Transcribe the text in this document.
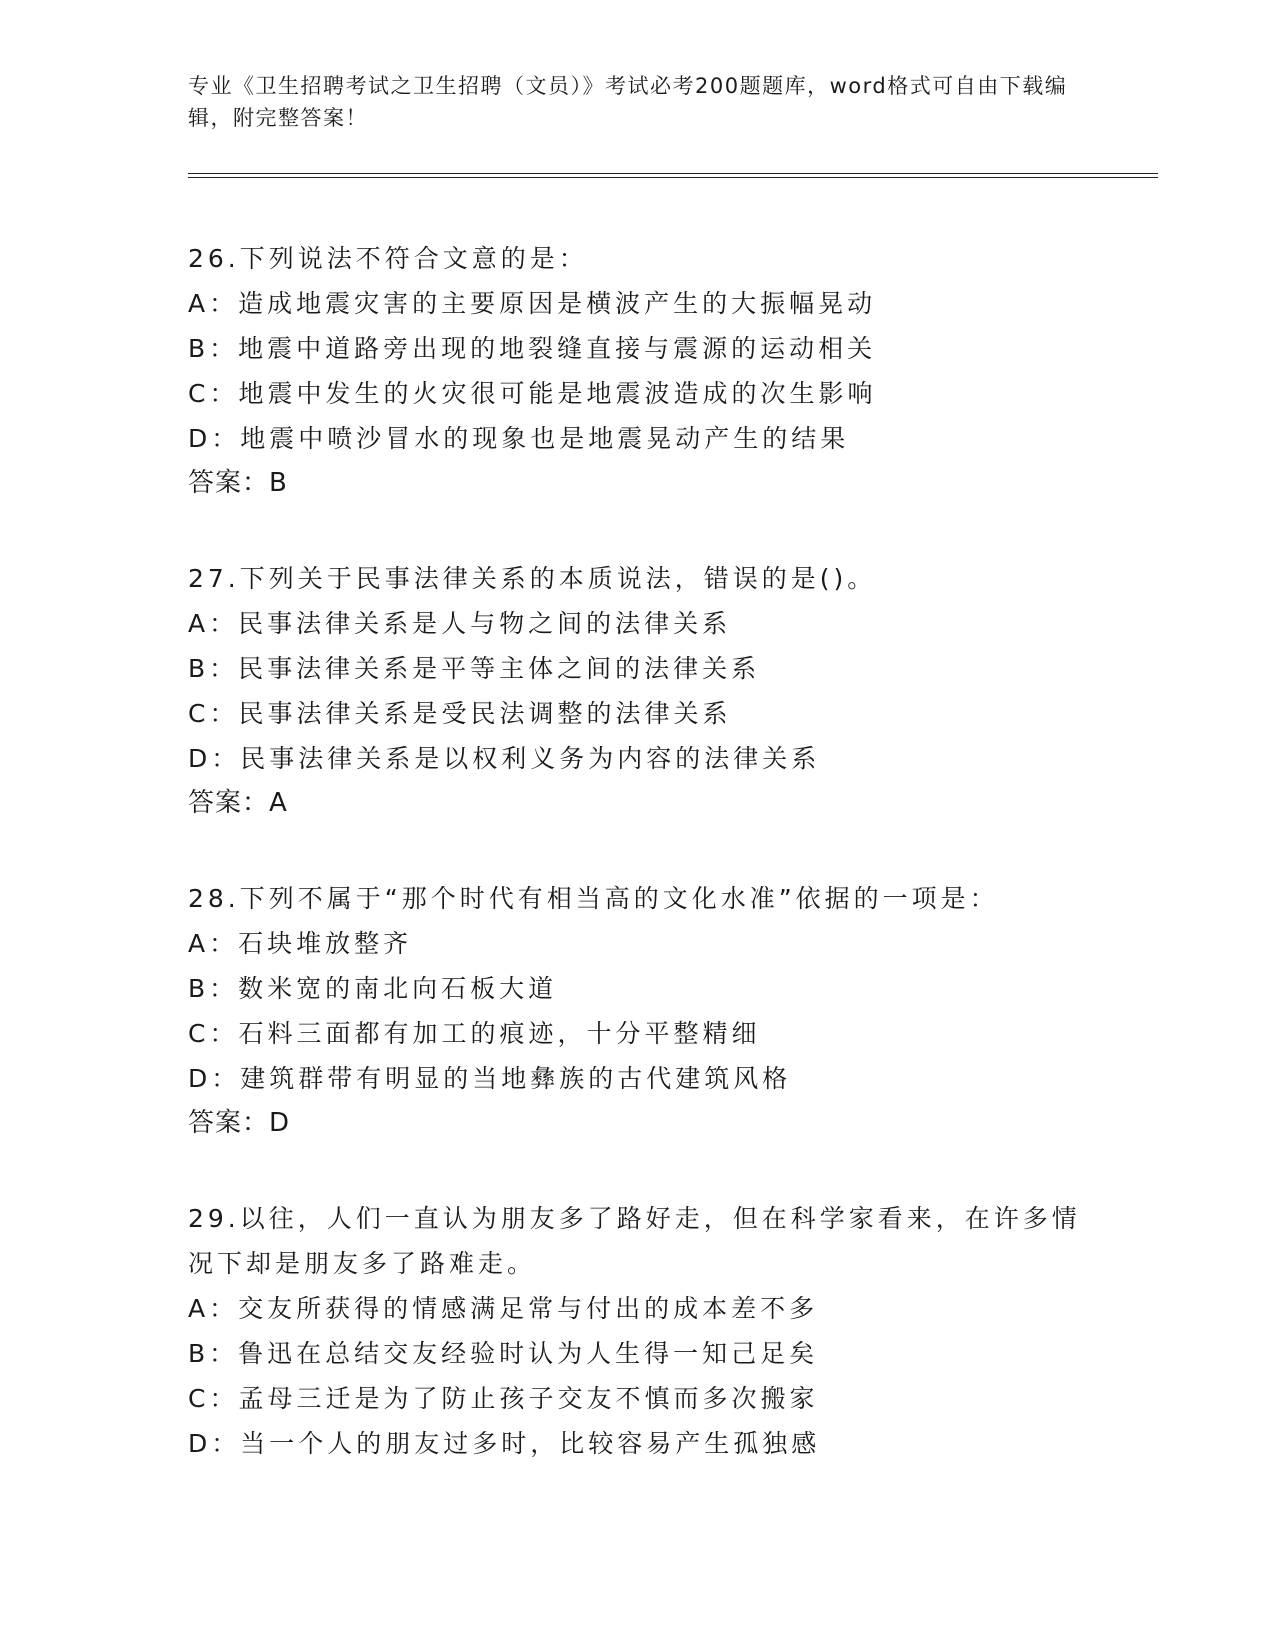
专业《卫生招聘考试之卫生招聘（文员）》考试必考200题题库，word格式可自由下载编辑，附完整答案！
26.下列说法不符合文意的是：
A：造成地震灾害的主要原因是横波产生的大振幅晃动
B：地震中道路旁出现的地裂缝直接与震源的运动相关
C：地震中发生的火灾很可能是地震波造成的次生影响
D：地震中喷沙冒水的现象也是地震晃动产生的结果
答案：B
27.下列关于民事法律关系的本质说法，错误的是()。
A：民事法律关系是人与物之间的法律关系
B：民事法律关系是平等主体之间的法律关系
C：民事法律关系是受民法调整的法律关系
D：民事法律关系是以权利义务为内容的法律关系
答案：A
28.下列不属于“那个时代有相当高的文化水准”依据的一项是：
A：石块堆放整齐
B：数米宽的南北向石板大道
C：石料三面都有加工的痕迹，十分平整精细
D：建筑群带有明显的当地彝族的古代建筑风格
答案：D
29.以往，人们一直认为朋友多了路好走，但在科学家看来，在许多情况下却是朋友多了路难走。
A：交友所获得的情感满足常与付出的成本差不多
B：鲁迅在总结交友经验时认为人生得一知己足矣
C：孟母三迁是为了防止孩子交友不慎而多次搬家
D：当一个人的朋友过多时，比较容易产生孤独感
